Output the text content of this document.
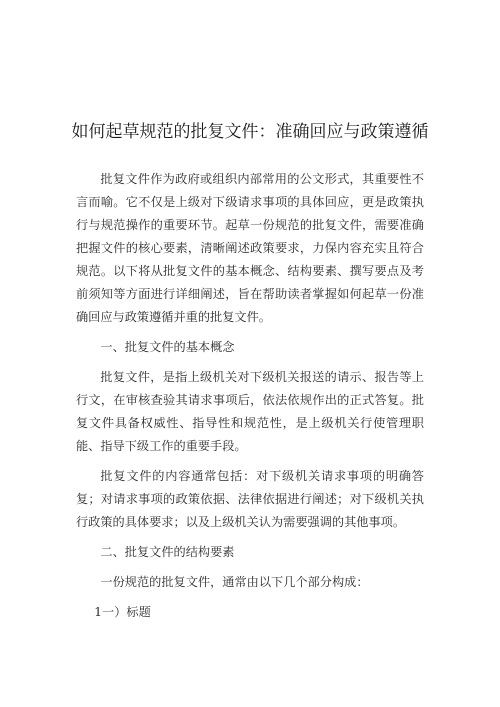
如何起草规范的批复文件：准确回应与政策遵循

批复文件作为政府或组织内部常用的公文形式，其重要性不言而喻。它不仅是上级对下级请求事项的具体回应，更是政策执行与规范操作的重要环节。起草一份规范的批复文件，需要准确把握文件的核心要素，清晰阐述政策要求，力保内容充实且符合规范。以下将从批复文件的基本概念、结构要素、撰写要点及考前须知等方面进行详细阐述，旨在帮助读者掌握如何起草一份准确回应与政策遵循并重的批复文件。

一、批复文件的基本概念

批复文件，是指上级机关对下级机关报送的请示、报告等上行文，在审核查验其请求事项后，依法依规作出的正式答复。批复文件具备权威性、指导性和规范性，是上级机关行使管理职能、指导下级工作的重要手段。

批复文件的内容通常包括：对下级机关请求事项的明确答复；对请求事项的政策依据、法律依据进行阐述；对下级机关执行政策的具体要求；以及上级机关认为需要强调的其他事项。

二、批复文件的结构要素

一份规范的批复文件，通常由以下几个部分构成：

1一）标题
